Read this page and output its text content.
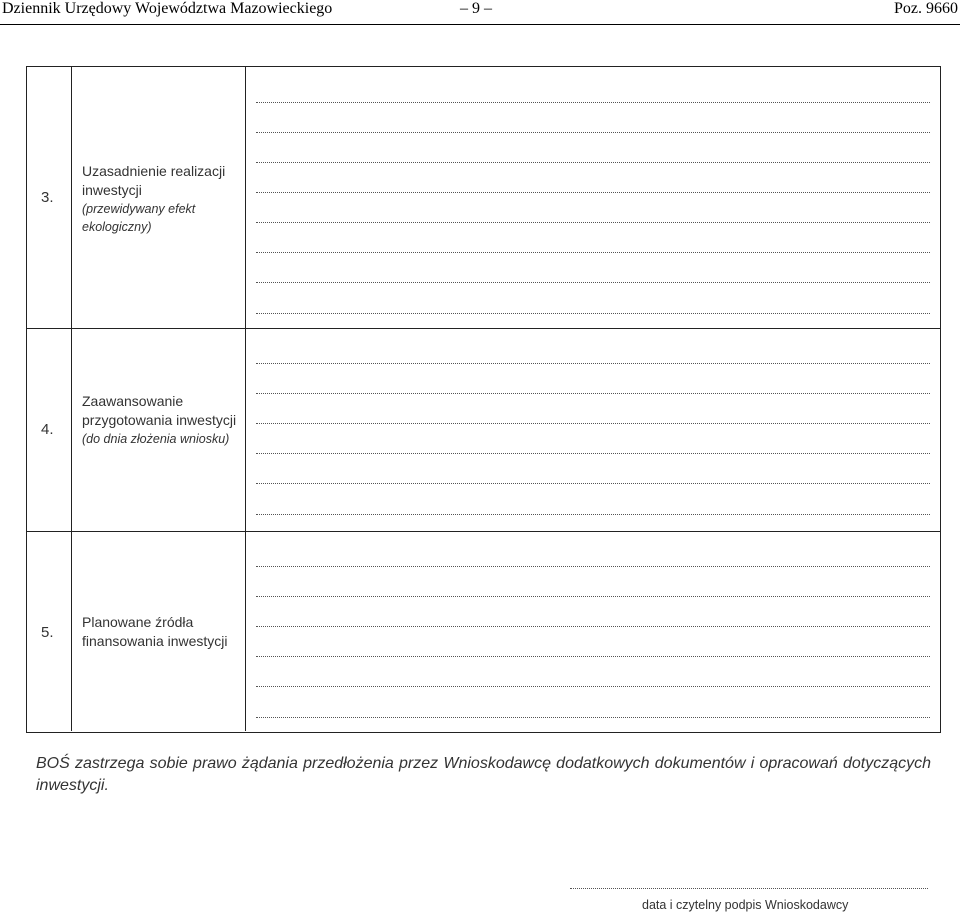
Dziennik Urzędowy Województwa Mazowieckiego	– 9 –	Poz. 9660
3.
Uzasadnienie realizacji inwestycji
(przewidywany efekt ekologiczny)
4.
Zaawansowanie przygotowania inwestycji
(do dnia złożenia wniosku)
5.
Planowane źródła finansowania inwestycji
BOŚ zastrzega sobie prawo żądania przedłożenia przez Wnioskodawcę dodatkowych dokumentów i opracowań dotyczących inwestycji.
data i czytelny podpis Wnioskodawcy
